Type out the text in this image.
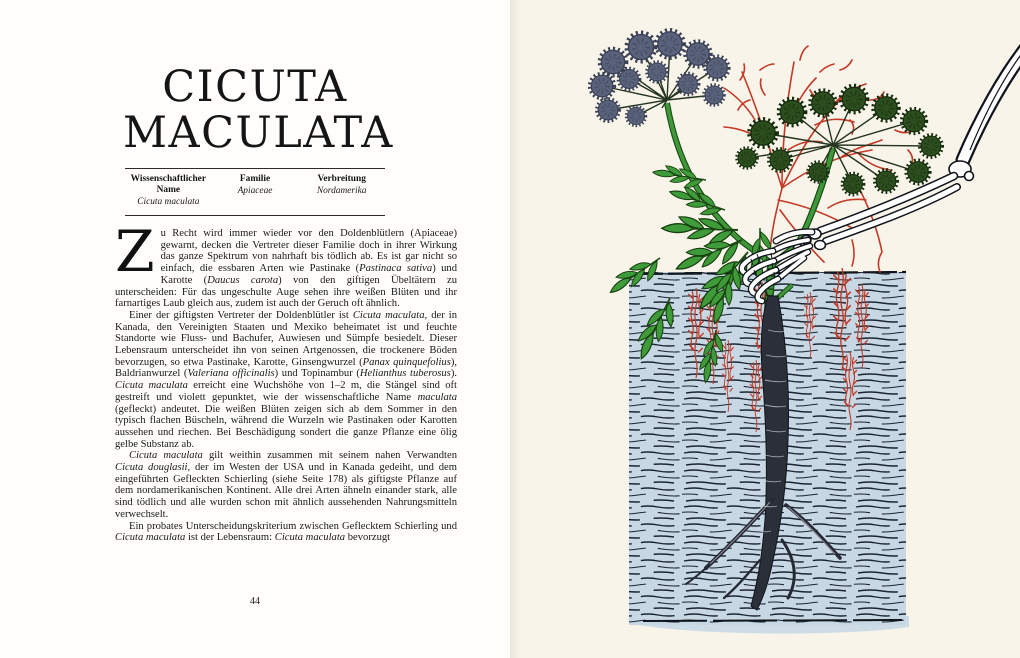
CICUTA
MACULATA
Wissenschaftlicher Name
Cicuta maculata
Familie
Apiaceae
Verbreitung
Nordamerika

Zu Recht wird immer wieder vor den Doldenblütlern (Apiaceae) gewarnt, decken die Vertreter dieser Familie doch in ihrer Wirkung das ganze Spektrum von nahrhaft bis tödlich ab. Es ist gar nicht so einfach, die essbaren Arten wie Pastinake (Pastinaca sativa) und Karotte (Daucus carota) von den giftigen Übeltätern zu unterscheiden: Für das ungeschulte Auge sehen ihre weißen Blüten und ihr farnartiges Laub gleich aus, zudem ist auch der Geruch oft ähnlich.

Einer der giftigsten Vertreter der Doldenblütler ist Cicuta maculata, der in Kanada, den Vereinigten Staaten und Mexiko beheimatet ist und feuchte Standorte wie Fluss- und Bachufer, Auwiesen und Sümpfe besiedelt. Dieser Lebensraum unterscheidet ihn von seinen Artgenossen, die trockenere Böden bevorzugen, so etwa Pastinake, Karotte, Ginsengwurzel (Panax quinquefolius), Baldrianwurzel (Valeriana officinalis) und Topinambur (Helianthus tuberosus). Cicuta maculata erreicht eine Wuchshöhe von 1–2 m, die Stängel sind oft gestreift und violett gepunktet, wie der wissenschaftliche Name maculata (gefleckt) andeutet. Die weißen Blüten zeigen sich ab dem Sommer in den typisch flachen Büscheln, während die Wurzeln wie Pastinaken oder Karotten aussehen und riechen. Bei Beschädigung sondert die ganze Pflanze eine ölig gelbe Substanz ab.

Cicuta maculata gilt weithin zusammen mit seinem nahen Verwandten Cicuta douglasii, der im Westen der USA und in Kanada gedeiht, und dem eingeführten Gefleckten Schierling (siehe Seite 178) als giftigste Pflanze auf dem nordamerikanischen Kontinent. Alle drei Arten ähneln einander stark, alle sind tödlich und alle wurden schon mit ähnlich aussehenden Nahrungsmitteln verwechselt.

Ein probates Unterscheidungskriterium zwischen Geflecktem Schierling und Cicuta maculata ist der Lebensraum: Cicuta maculata bevorzugt

44
